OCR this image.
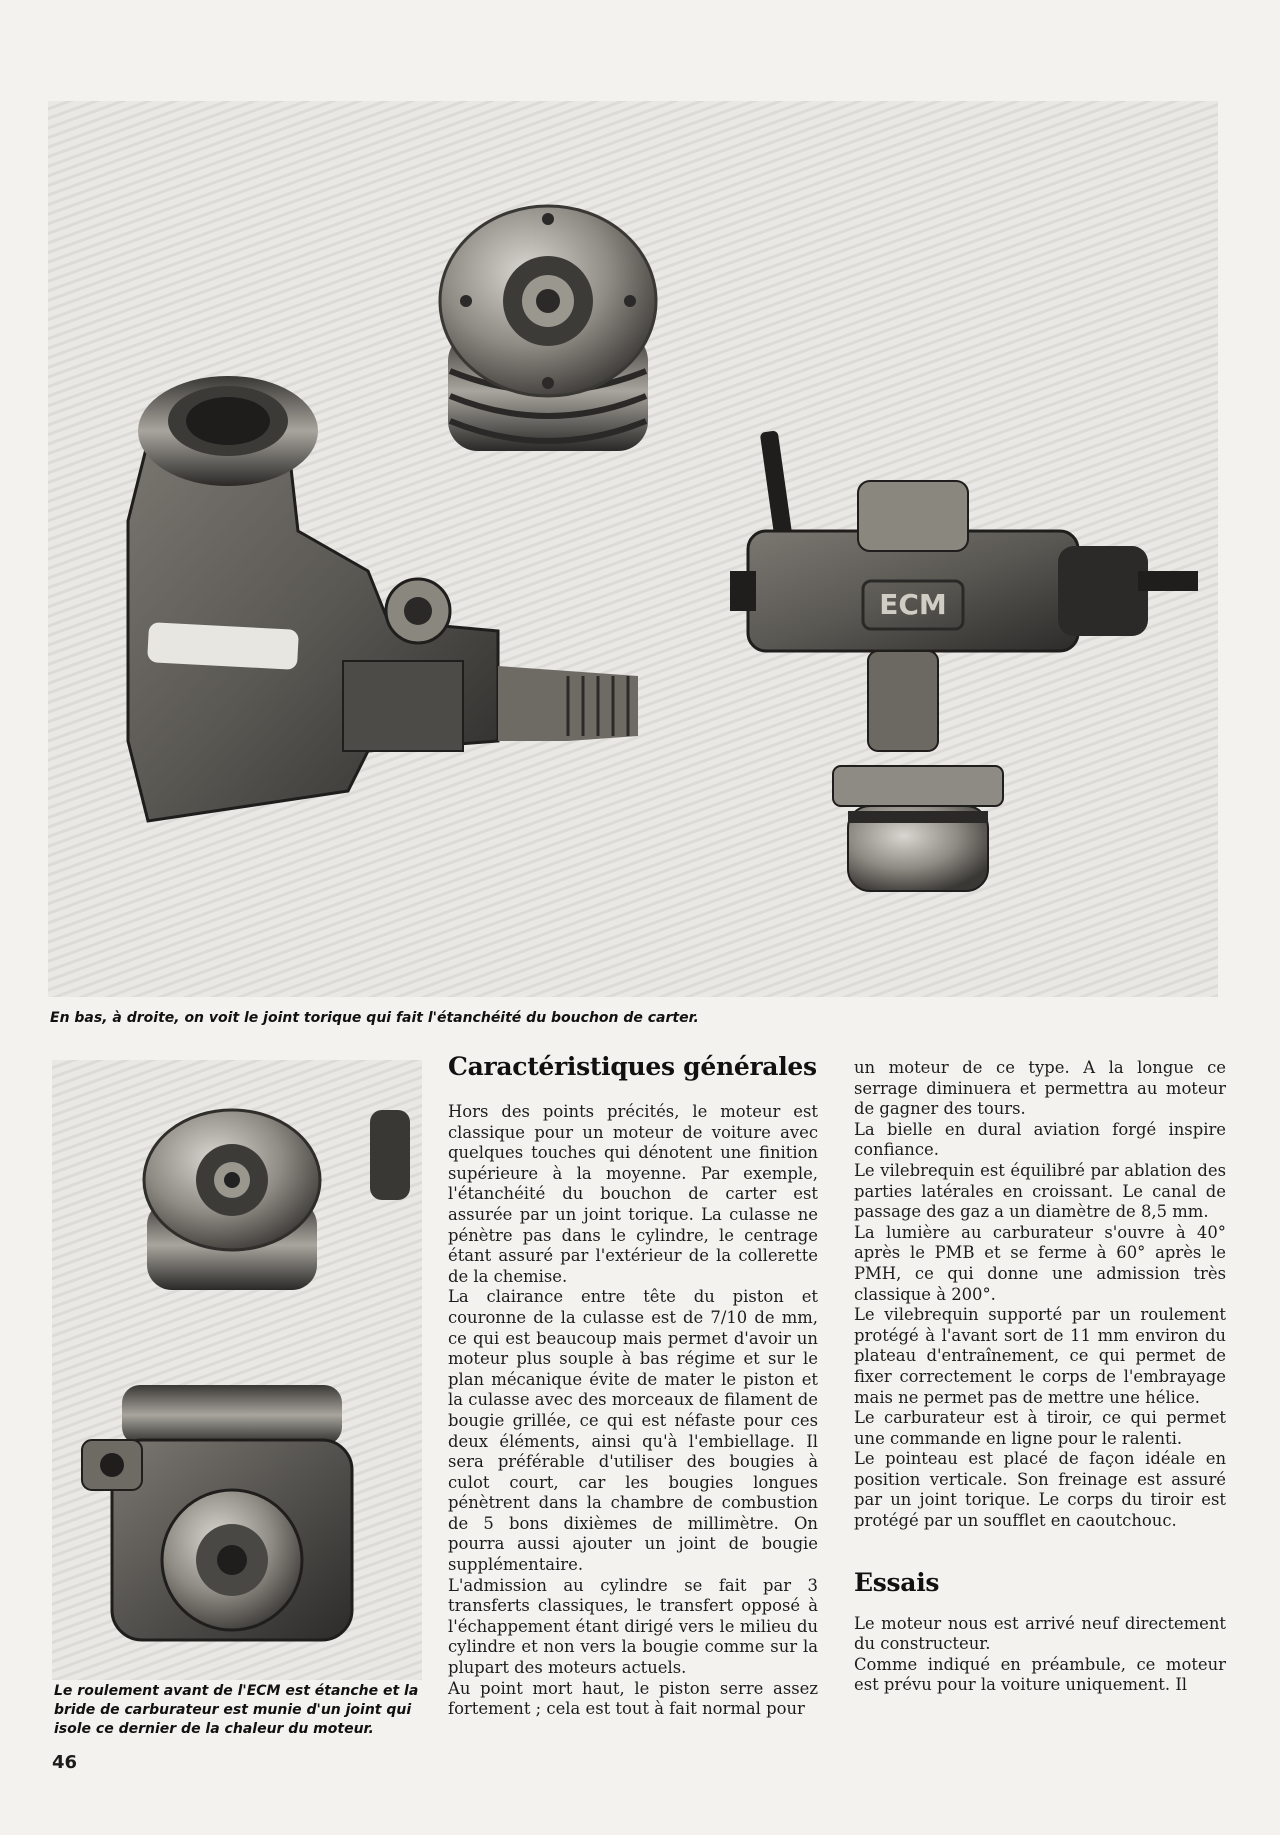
ECM
En bas, à droite, on voit le joint torique qui fait l'étanchéité du bouchon de carter.
Le roulement avant de l'ECM est étanche et la bride de carburateur est munie d'un joint qui isole ce dernier de la chaleur du moteur.
46
Caractéristiques générales

Hors des points précités, le moteur est classique pour un moteur de voiture avec quelques touches qui dénotent une finition supérieure à la moyenne. Par exemple, l'étanchéité du bouchon de carter est assurée par un joint torique. La culasse ne pénètre pas dans le cylindre, le centrage étant assuré par l'extérieur de la collerette de la chemise.

La clairance entre tête du piston et couronne de la culasse est de 7/10 de mm, ce qui est beaucoup mais permet d'avoir un moteur plus souple à bas régime et sur le plan mécanique évite de mater le piston et la culasse avec des morceaux de filament de bougie grillée, ce qui est néfaste pour ces deux éléments, ainsi qu'à l'embiellage. Il sera préférable d'utiliser des bougies à culot court, car les bougies longues pénètrent dans la chambre de combustion de 5 bons dixièmes de millimètre. On pourra aussi ajouter un joint de bougie supplémentaire.

L'admission au cylindre se fait par 3 transferts classiques, le transfert opposé à l'échappement étant dirigé vers le milieu du cylindre et non vers la bougie comme sur la plupart des moteurs actuels.

Au point mort haut, le piston serre assez fortement ; cela est tout à fait normal pour

un moteur de ce type. A la longue ce serrage diminuera et permettra au moteur de gagner des tours.

La bielle en dural aviation forgé inspire confiance.

Le vilebrequin est équilibré par ablation des parties latérales en croissant. Le canal de passage des gaz a un diamètre de 8,5 mm.

La lumière au carburateur s'ouvre à 40° après le PMB et se ferme à 60° après le PMH, ce qui donne une admission très classique à 200°.

Le vilebrequin supporté par un roulement protégé à l'avant sort de 11 mm environ du plateau d'entraînement, ce qui permet de fixer correctement le corps de l'embrayage mais ne permet pas de mettre une hélice.

Le carburateur est à tiroir, ce qui permet une commande en ligne pour le ralenti.

Le pointeau est placé de façon idéale en position verticale. Son freinage est assuré par un joint torique. Le corps du tiroir est protégé par un soufflet en caoutchouc.

Essais

Le moteur nous est arrivé neuf directement du constructeur.

Comme indiqué en préambule, ce moteur est prévu pour la voiture uniquement. Il
